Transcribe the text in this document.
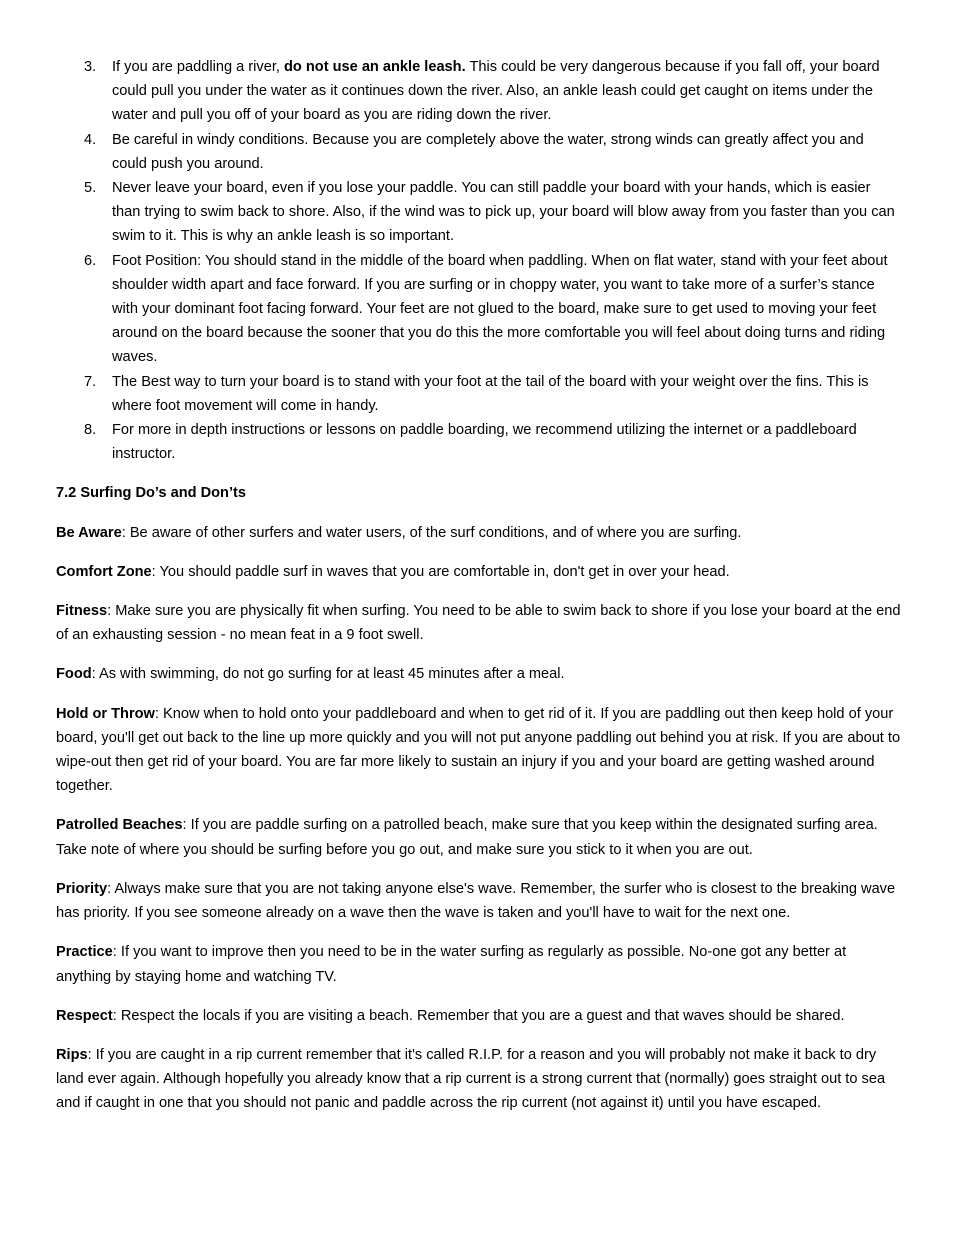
3. If you are paddling a river, do not use an ankle leash. This could be very dangerous because if you fall off, your board could pull you under the water as it continues down the river. Also, an ankle leash could get caught on items under the water and pull you off of your board as you are riding down the river.
4. Be careful in windy conditions. Because you are completely above the water, strong winds can greatly affect you and could push you around.
5. Never leave your board, even if you lose your paddle. You can still paddle your board with your hands, which is easier than trying to swim back to shore. Also, if the wind was to pick up, your board will blow away from you faster than you can swim to it. This is why an ankle leash is so important.
6. Foot Position: You should stand in the middle of the board when paddling. When on flat water, stand with your feet about shoulder width apart and face forward. If you are surfing or in choppy water, you want to take more of a surfer’s stance with your dominant foot facing forward. Your feet are not glued to the board, make sure to get used to moving your feet around on the board because the sooner that you do this the more comfortable you will feel about doing turns and riding waves.
7. The Best way to turn your board is to stand with your foot at the tail of the board with your weight over the fins. This is where foot movement will come in handy.
8. For more in depth instructions or lessons on paddle boarding, we recommend utilizing the internet or a paddleboard instructor.

7.2 Surfing Do’s and Don’ts

Be Aware: Be aware of other surfers and water users, of the surf conditions, and of where you are surfing.

Comfort Zone: You should paddle surf in waves that you are comfortable in, don't get in over your head.

Fitness: Make sure you are physically fit when surfing. You need to be able to swim back to shore if you lose your board at the end of an exhausting session - no mean feat in a 9 foot swell.

Food: As with swimming, do not go surfing for at least 45 minutes after a meal.

Hold or Throw: Know when to hold onto your paddleboard and when to get rid of it. If you are paddling out then keep hold of your board, you'll get out back to the line up more quickly and you will not put anyone paddling out behind you at risk. If you are about to wipe-out then get rid of your board. You are far more likely to sustain an injury if you and your board are getting washed around together.

Patrolled Beaches: If you are paddle surfing on a patrolled beach, make sure that you keep within the designated surfing area. Take note of where you should be surfing before you go out, and make sure you stick to it when you are out.

Priority: Always make sure that you are not taking anyone else's wave. Remember, the surfer who is closest to the breaking wave has priority. If you see someone already on a wave then the wave is taken and you'll have to wait for the next one.

Practice: If you want to improve then you need to be in the water surfing as regularly as possible. No-one got any better at anything by staying home and watching TV.

Respect: Respect the locals if you are visiting a beach. Remember that you are a guest and that waves should be shared.

Rips: If you are caught in a rip current remember that it's called R.I.P. for a reason and you will probably not make it back to dry land ever again. Although hopefully you already know that a rip current is a strong current that (normally) goes straight out to sea and if caught in one that you should not panic and paddle across the rip current (not against it) until you have escaped.
